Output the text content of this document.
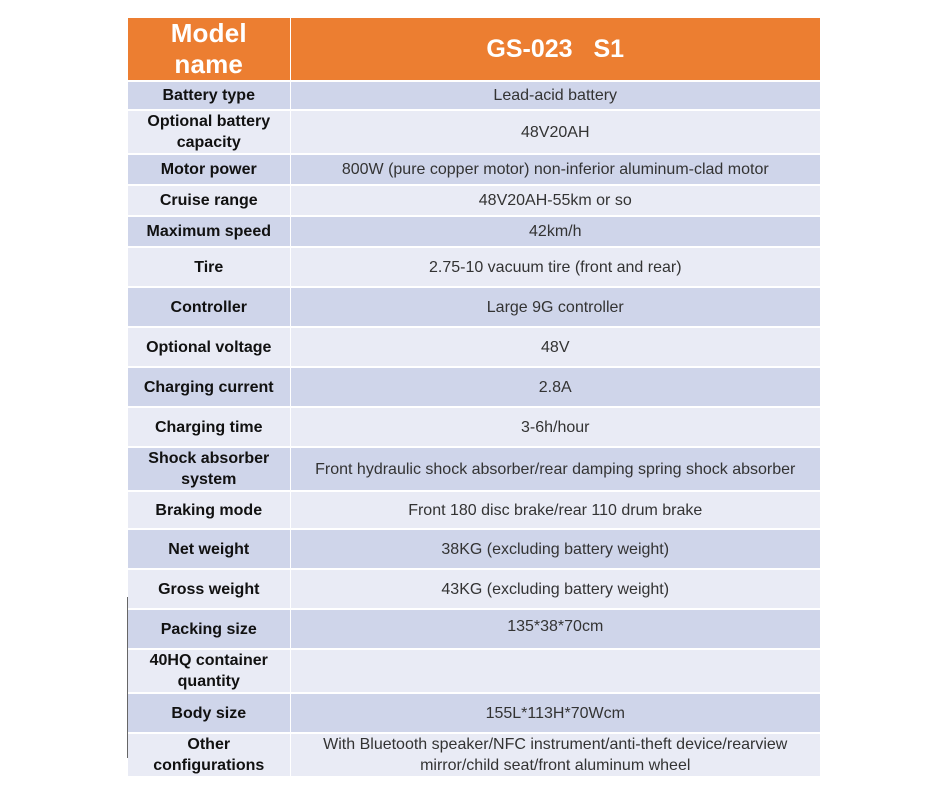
Model name	GS-023 S1
Battery type	Lead-acid battery
Optional battery capacity	48V20AH
Motor power	800W (pure copper motor) non-inferior aluminum-clad motor
Cruise range	48V20AH-55km or so
Maximum speed	42km/h
Tire	2.75-10 vacuum tire (front and rear)
Controller	Large 9G controller
Optional voltage	48V
Charging current	2.8A
Charging time	3-6h/hour
Shock absorber system	Front hydraulic shock absorber/rear damping spring shock absorber
Braking mode	Front 180 disc brake/rear 110 drum brake
Net weight	38KG (excluding battery weight)
Gross weight	43KG (excluding battery weight)
Packing size	135*38*70cm
40HQ container quantity	
Body size	155L*113H*70Wcm
Other configurations	With Bluetooth speaker/NFC instrument/anti-theft device/rearview mirror/child seat/front aluminum wheel
